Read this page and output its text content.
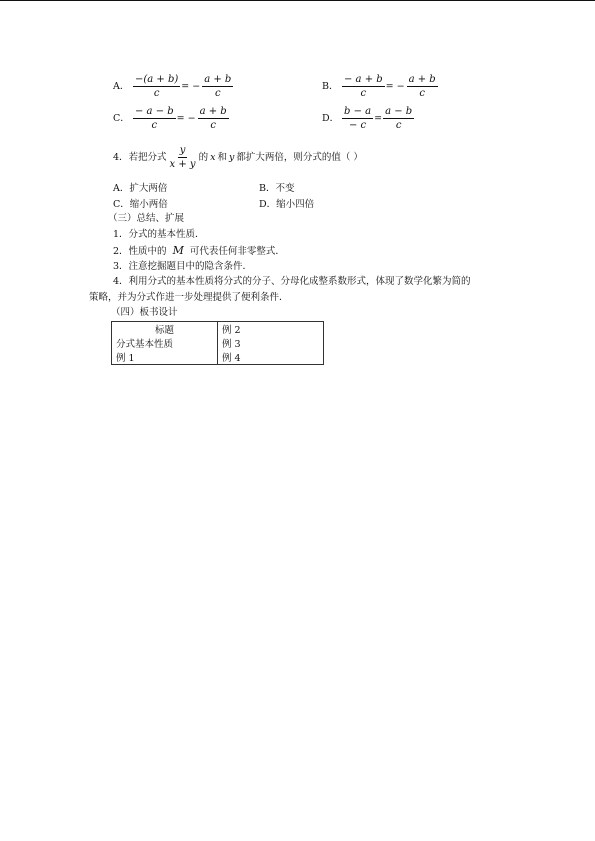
A． $\frac{-(a + b)}{c}$ = − $\frac{a + b}{c}$	B． $\frac{- a + b}{c}$ = − $\frac{a + b}{c}$
C． $\frac{- a - b}{c}$ = − $\frac{a + b}{c}$	D． $\frac{b - a}{- c} = \frac{a - b}{c}$
4．若把分式 $\frac{y}{x + y}$ 的 x 和 y 都扩大两倍，则分式的值（ ）
A．扩大两倍	B．不变
C．缩小两倍	D．缩小四倍
（三）总结、扩展
1．分式的基本性质．
2．性质中的 M 可代表任何非零整式．
3．注意挖掘题目中的隐含条件．
4．利用分式的基本性质将分式的分子、分母化成整系数形式，体现了数学化繁为简的
策略，并为分式作进一步处理提供了便利条件．
（四）板书设计
标题	例 2
分式基本性质	例 3
例 1	例 4
